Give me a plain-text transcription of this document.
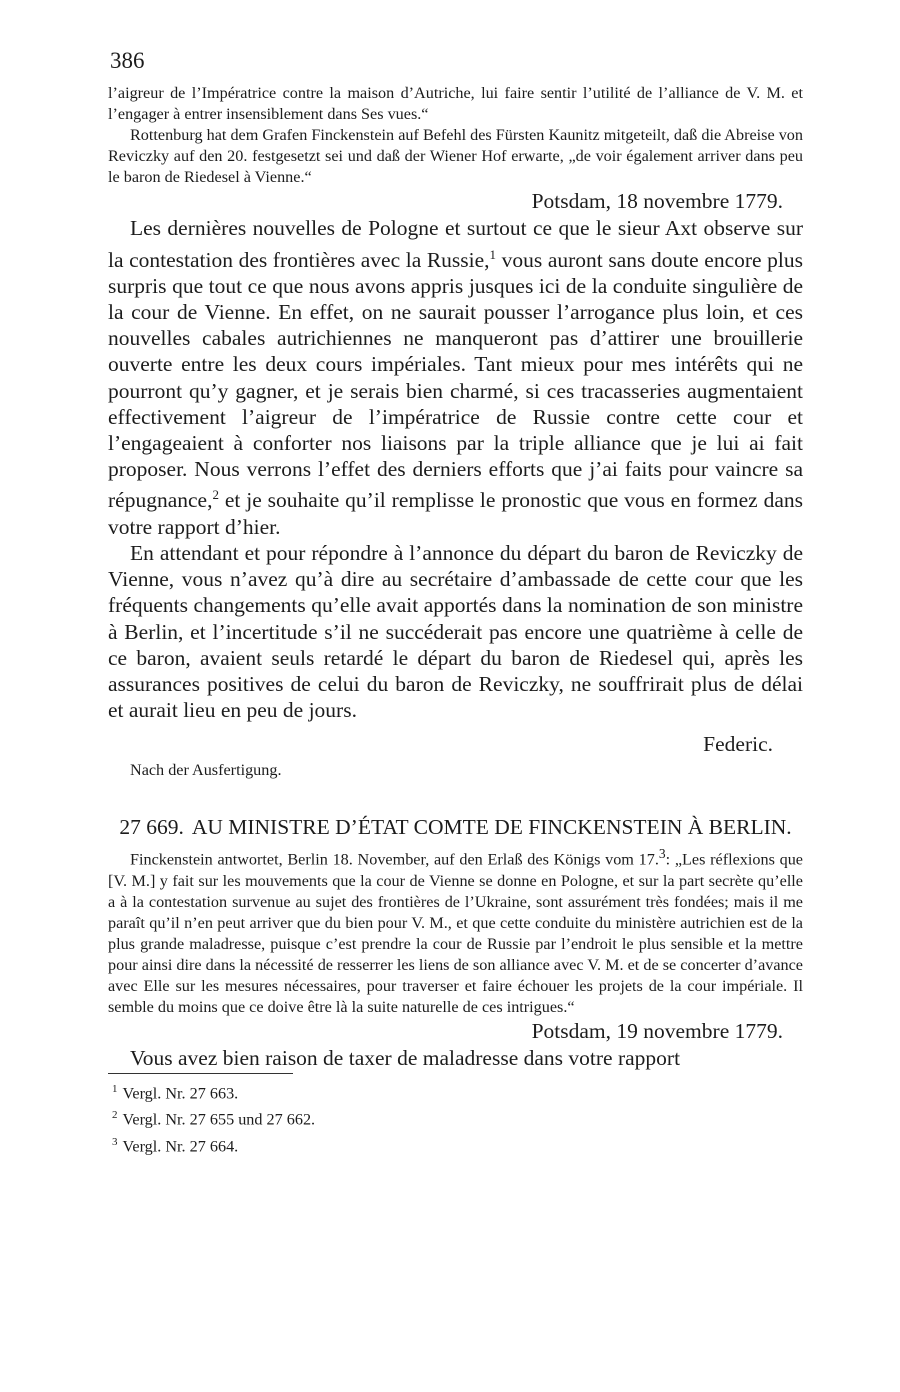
386

l’aigreur de l’Impératrice contre la maison d’Autriche, lui faire sentir l’utilité de l’alliance de V. M. et l’engager à entrer insensiblement dans Ses vues.“

Rottenburg hat dem Grafen Finckenstein auf Befehl des Fürsten Kaunitz mitgeteilt, daß die Abreise von Reviczky auf den 20. festgesetzt sei und daß der Wiener Hof erwarte, „de voir également arriver dans peu le baron de Riedesel à Vienne.“

Potsdam, 18 novembre 1779.

Les dernières nouvelles de Pologne et surtout ce que le sieur Axt observe sur la contestation des frontières avec la Russie,$^1$ vous auront sans doute encore plus surpris que tout ce que nous avons appris jusques ici de la conduite singulière de la cour de Vienne. En effet, on ne saurait pousser l’arrogance plus loin, et ces nouvelles cabales autrichiennes ne manqueront pas d’attirer une brouillerie ouverte entre les deux cours impériales. Tant mieux pour mes intérêts qui ne pourront qu’y gagner, et je serais bien charmé, si ces tracasseries augmentaient effectivement l’aigreur de l’impératrice de Russie contre cette cour et l’engageaient à conforter nos liaisons par la triple alliance que je lui ai fait proposer. Nous verrons l’effet des derniers efforts que j’ai faits pour vaincre sa répugnance,$^2$ et je souhaite qu’il remplisse le pronostic que vous en formez dans votre rapport d’hier.

En attendant et pour répondre à l’annonce du départ du baron de Reviczky de Vienne, vous n’avez qu’à dire au secrétaire d’ambassade de cette cour que les fréquents changements qu’elle avait apportés dans la nomination de son ministre à Berlin, et l’incertitude s’il ne succéderait pas encore une quatrième à celle de ce baron, avaient seuls retardé le départ du baron de Riedesel qui, après les assurances positives de celui du baron de Reviczky, ne souffrirait plus de délai et aurait lieu en peu de jours.

Federic.

Nach der Ausfertigung.

27 669. AU MINISTRE D’ÉTAT COMTE DE FINCKENSTEIN À BERLIN.

Finckenstein antwortet, Berlin 18. November, auf den Erlaß des Königs vom 17.$^3$: „Les réflexions que [V. M.] y fait sur les mouvements que la cour de Vienne se donne en Pologne, et sur la part secrète qu’elle a à la contestation survenue au sujet des frontières de l’Ukraine, sont assurément très fondées; mais il me paraît qu’il n’en peut arriver que du bien pour V. M., et que cette conduite du ministère autrichien est de la plus grande maladresse, puisque c’est prendre la cour de Russie par l’endroit le plus sensible et la mettre pour ainsi dire dans la nécessité de resserrer les liens de son alliance avec V. M. et de se concerter d’avance avec Elle sur les mesures nécessaires, pour traverser et faire échouer les projets de la cour impériale. Il semble du moins que ce doive être là la suite naturelle de ces intrigues.“

Potsdam, 19 novembre 1779.

Vous avez bien raison de taxer de maladresse dans votre rapport

$^1$ Vergl. Nr. 27 663.

$^2$ Vergl. Nr. 27 655 und 27 662.

$^3$ Vergl. Nr. 27 664.
